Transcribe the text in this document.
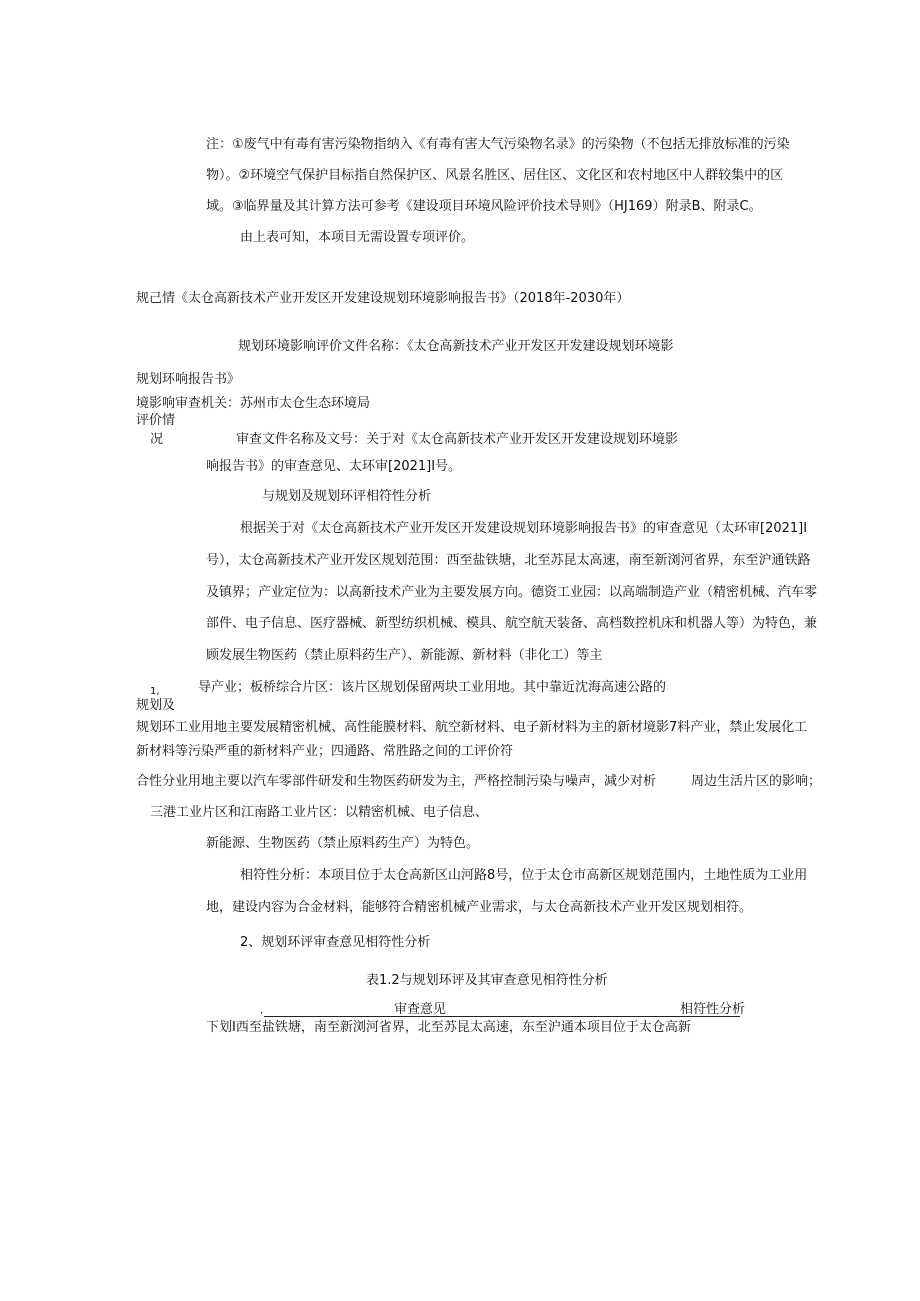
注：①废气中有毒有害污染物指纳入《有毒有害大气污染物名录》的污染物（不包括无排放标准的污染
物）。②环境空气保护目标指自然保护区、风景名胜区、居住区、文化区和农村地区中人群较集中的区
域。③临界量及其计算方法可参考《建设项目环境风险评价技术导则》（HJ169）附录B、附录C。
由上表可知，本项目无需设置专项评价。
规己情《太仓高新技术产业开发区开发建设规划环境影响报告书》（2018年-2030年）
规划环境影响评价文件名称：《太仓高新技术产业开发区开发建设规划环境影
规划环响报告书》
境影响审查机关：苏州市太仓生态环境局
评价情
况	审查文件名称及文号：关于对《太仓高新技术产业开发区开发建设规划环境影
响报告书》的审查意见、太环审[2021]I号。
与规划及规划环评相符性分析
根据关于对《太仓高新技术产业开发区开发建设规划环境影响报告书》的审查意见（太环审[2021]I
号），太仓高新技术产业开发区规划范围：西至盐铁塘，北至苏昆太高速，南至新浏河省界，东至沪通铁路
及镇界；产业定位为：以高新技术产业为主要发展方向。德资工业园：以高端制造产业（精密机械、汽车零
部件、电子信息、医疗器械、新型纺织机械、模具、航空航天装备、高档数控机床和机器人等）为特色，兼
顾发展生物医药（禁止原料药生产）、新能源、新材料（非化工）等主
1,	导产业；板桥综合片区：该片区规划保留两块工业用地。其中靠近沈海高速公路的
规划及
规划环工业用地主要发展精密机械、高性能膜材料、航空新材料、电子新材料为主的新材境影7料产业，禁止发展化工
新材料等污染严重的新材料产业；四通路、常胜路之间的工评价符
合性分业用地主要以汽车零部件研发和生物医药研发为主，严格控制污染与噪声，减少对析	周边生活片区的影响；
三港工业片区和江南路工业片区：以精密机械、电子信息、
新能源、生物医药（禁止原料药生产）为特色。
相符性分析：本项目位于太仓高新区山河路8号，位于太仓市高新区规划范围内，土地性质为工业用
地，建设内容为合金材料，能够符合精密机械产业需求，与太仓高新技术产业开发区规划相符。
2、规划环评审查意见相符性分析
表1.2与规划环评及其审查意见相符性分析
,	审查意见	相符性分析
下划I西至盐铁塘，南至新浏河省界，北至苏昆太高速，东至沪通本项目位于太仓高新
